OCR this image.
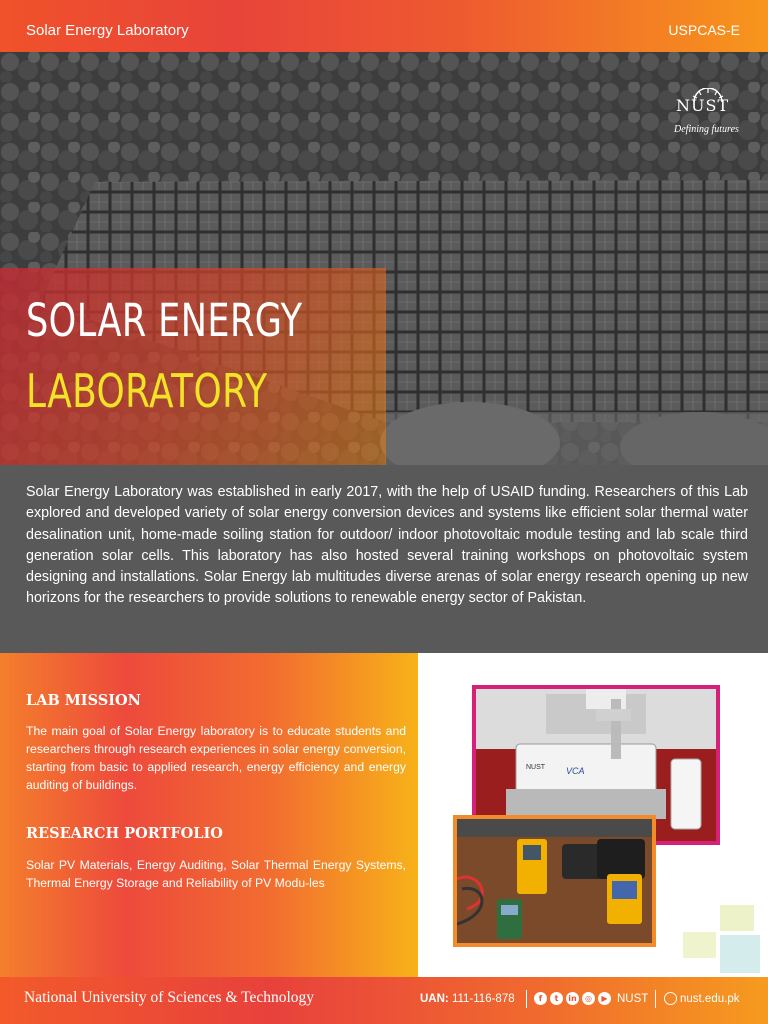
Solar Energy Laboratory	USPCAS-E
SOLAR ENERGY
LABORATORY
NUST
Defining futures

Solar Energy Laboratory was established in early 2017, with the help of USAID funding. Researchers of this Lab explored and developed variety of solar energy conversion devices and systems like efficient solar thermal water desalination unit, home-made soiling station for outdoor/ indoor photovoltaic module testing and lab scale third generation solar cells. This laboratory has also hosted several training workshops on photovoltaic system designing and installations. Solar Energy lab multitudes diverse arenas of solar energy research opening up new horizons for the researchers to provide solutions to renewable energy sector of Pakistan.

LAB MISSION

The main goal of Solar Energy laboratory is to educate students and researchers through research experiences in solar energy conversion, starting from basic to applied research, energy efficiency and energy auditing of buildings.

RESEARCH PORTFOLIO

Solar PV Materials, Energy Auditing, Solar Thermal Energy Systems, Thermal Energy Storage and Reliability of PV Modu-les

NUST VCA
National University of Sciences & Technology	UAN: 111-116-878	f	t	in	◎	▶ NUST	nust.edu.pk
